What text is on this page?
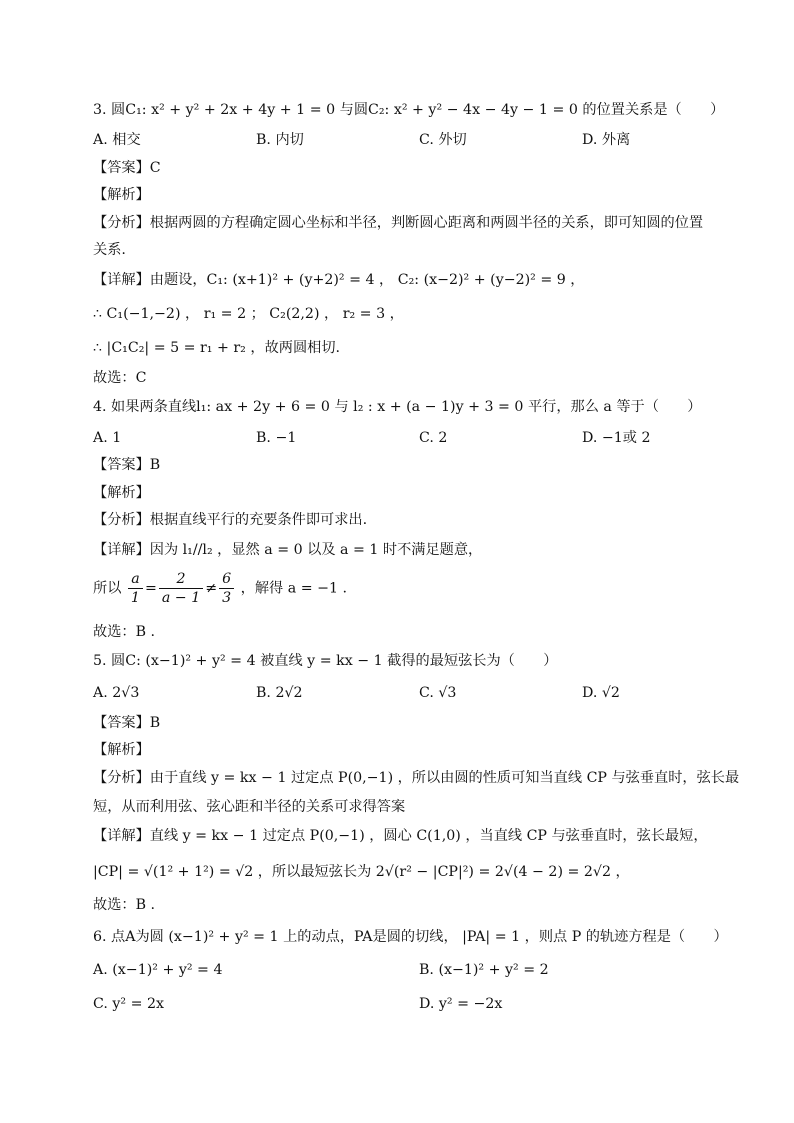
3. 圆C₁: x² + y² + 2x + 4y + 1 = 0 与圆C₂: x² + y² − 4x − 4y − 1 = 0 的位置关系是（　　）
A. 相交	B. 内切	C. 外切	D. 外离
【答案】C
【解析】
【分析】根据两圆的方程确定圆心坐标和半径，判断圆心距离和两圆半径的关系，即可知圆的位置
关系.
【详解】由题设，C₁: (x+1)² + (y+2)² = 4 ， C₂: (x−2)² + (y−2)² = 9 ，
∴ C₁(−1,−2) ， r₁ = 2 ； C₂(2,2) ， r₂ = 3 ，
∴ |C₁C₂| = 5 = r₁ + r₂ ，故两圆相切.
故选：C
4. 如果两条直线l₁: ax + 2y + 6 = 0 与 l₂ : x + (a − 1)y + 3 = 0 平行，那么 a 等于（　　）
A. 1	B. −1	C. 2	D. −1或 2
【答案】B
【解析】
【分析】根据直线平行的充要条件即可求出.
【详解】因为 l₁//l₂ ，显然 a = 0 以及 a = 1 时不满足题意，
所以 $\frac{a}{1} = \frac{2}{a - 1} \ne \frac{6}{3}$ ，解得 a = −1 .
故选：B .
5. 圆C: (x−1)² + y² = 4 被直线 y = kx − 1 截得的最短弦长为（　　）
A. 2√3	B. 2√2	C. √3	D. √2
【答案】B
【解析】
【分析】由于直线 y = kx − 1 过定点 P(0,−1) ，所以由圆的性质可知当直线 CP 与弦垂直时，弦长最
短，从而利用弦、弦心距和半径的关系可求得答案
【详解】直线 y = kx − 1 过定点 P(0,−1) ，圆心 C(1,0) ，当直线 CP 与弦垂直时，弦长最短，
|CP| = √(1² + 1²) = √2 ，所以最短弦长为 2√(r² − |CP|²) = 2√(4 − 2) = 2√2 ，
故选：B .
6. 点A为圆 (x−1)² + y² = 1 上的动点，PA是圆的切线， |PA| = 1 ，则点 P 的轨迹方程是（　　）
A. (x−1)² + y² = 4	B. (x−1)² + y² = 2
C. y² = 2x	D. y² = −2x
